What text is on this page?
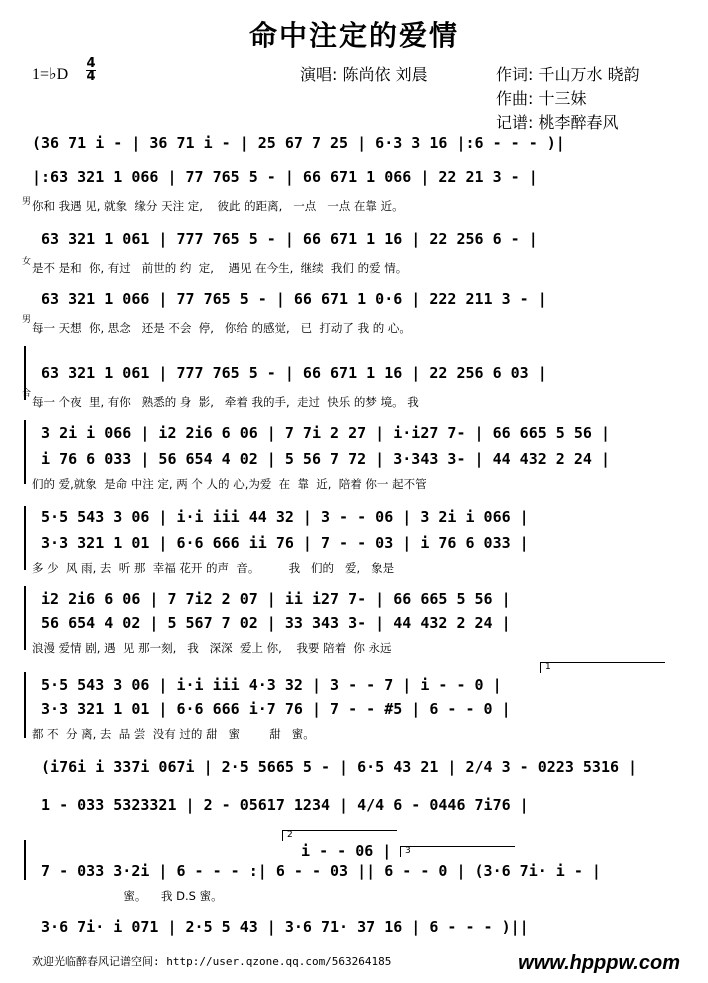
命中注定的爱情
1=♭D
4
4	演唱: 陈尚依 刘晨	作词: 千山万水 晓韵
作曲: 十三妹
记谱: 桃李醉春风
(36 71 i - | 36 71 i - | 25 67 7 25 | 6·3 3 16 |:6 - - - )|
|:63 321 1 066 | 77 765 5 - | 66 671 1 066 | 22 21 3 - |
男 你和 我遇 见, 就象  缘分 天注 定,    彼此 的距离,   一点   一点 在靠 近。
63 321 1 061 | 777 765 5 - | 66 671 1 16 | 22 256 6 - |
女 是不 是和  你, 有过   前世的 约  定,    遇见 在今生,  继续  我们 的爱 情。
63 321 1 066 | 77 765 5 - | 66 671 1 0·6 | 222 211 3 - |
男
每一 天想  你, 思念   还是 不会  停,   你给 的感觉,   已  打动了 我 的 心。
63 321 1 061 | 777 765 5 - | 66 671 1 16 | 22 256 6 03 |
合
每一 个夜  里, 有你   熟悉的 身  影,   牵着 我的手,  走过  快乐 的梦 境。 我
3 2i i 066 | i2 2i6 6 06 | 7 7i 2 27 | i·i27 7- | 66 665 5 56 |
i 76 6 033 | 56 654 4 02 | 5 56 7 72 | 3·343 3- | 44 432 2 24 |
们的 爱,就象  是命 中注 定, 两 个 人的 心,为爱  在  靠  近,  陪着 你一 起不管
5·5 543 3 06 | i·i iii 44 32 | 3 - - 06 | 3 2i i 066 |
3·3 321 1 01 | 6·6 666 ii 76 | 7 - - 03 | i 76 6 033 |
多 少  风 雨, 去  听 那  幸福 花开 的声  音。        我   们的   爱,   象是
i2 2i6 6 06 | 7 7i2 2 07 | ii i27 7- | 66 665 5 56 |
56 654 4 02 | 5 567 7 02 | 33 343 3- | 44 432 2 24 |
浪漫 爱情 剧, 遇  见 那一刻,   我   深深  爱上 你,    我要 陪着  你 永远
1
5·5 543 3 06 | i·i iii 4·3 32 | 3 - - 7 | i - - 0 |
3·3 321 1 01 | 6·6 666 i·7 76 | 7 - - #5 | 6 - - 0 |
都 不  分 离, 去  品 尝  没有 过的 甜   蜜        甜   蜜。
(i76i i 337i 067i | 2·5 5665 5 - | 6·5 43 21 | 2/4 3 - 0223 5316 |
1 - 033 5323321 | 2 - 05617 1234 | 4/4 6 - 0446 7i76 |
2
3
i - - 06 |
7 - 033 3·2i | 6 - - - :| 6 - - 03 || 6 - - 0 | (3·6 7i· i - |
蜜。    我 D.S 蜜。
3·6 7i· i 071 | 2·5 5 43 | 3·6 71· 37 16 | 6 - - - )||
欢迎光临醉春风记谱空间: http://user.qzone.qq.com/563264185	www.hpppw.com
